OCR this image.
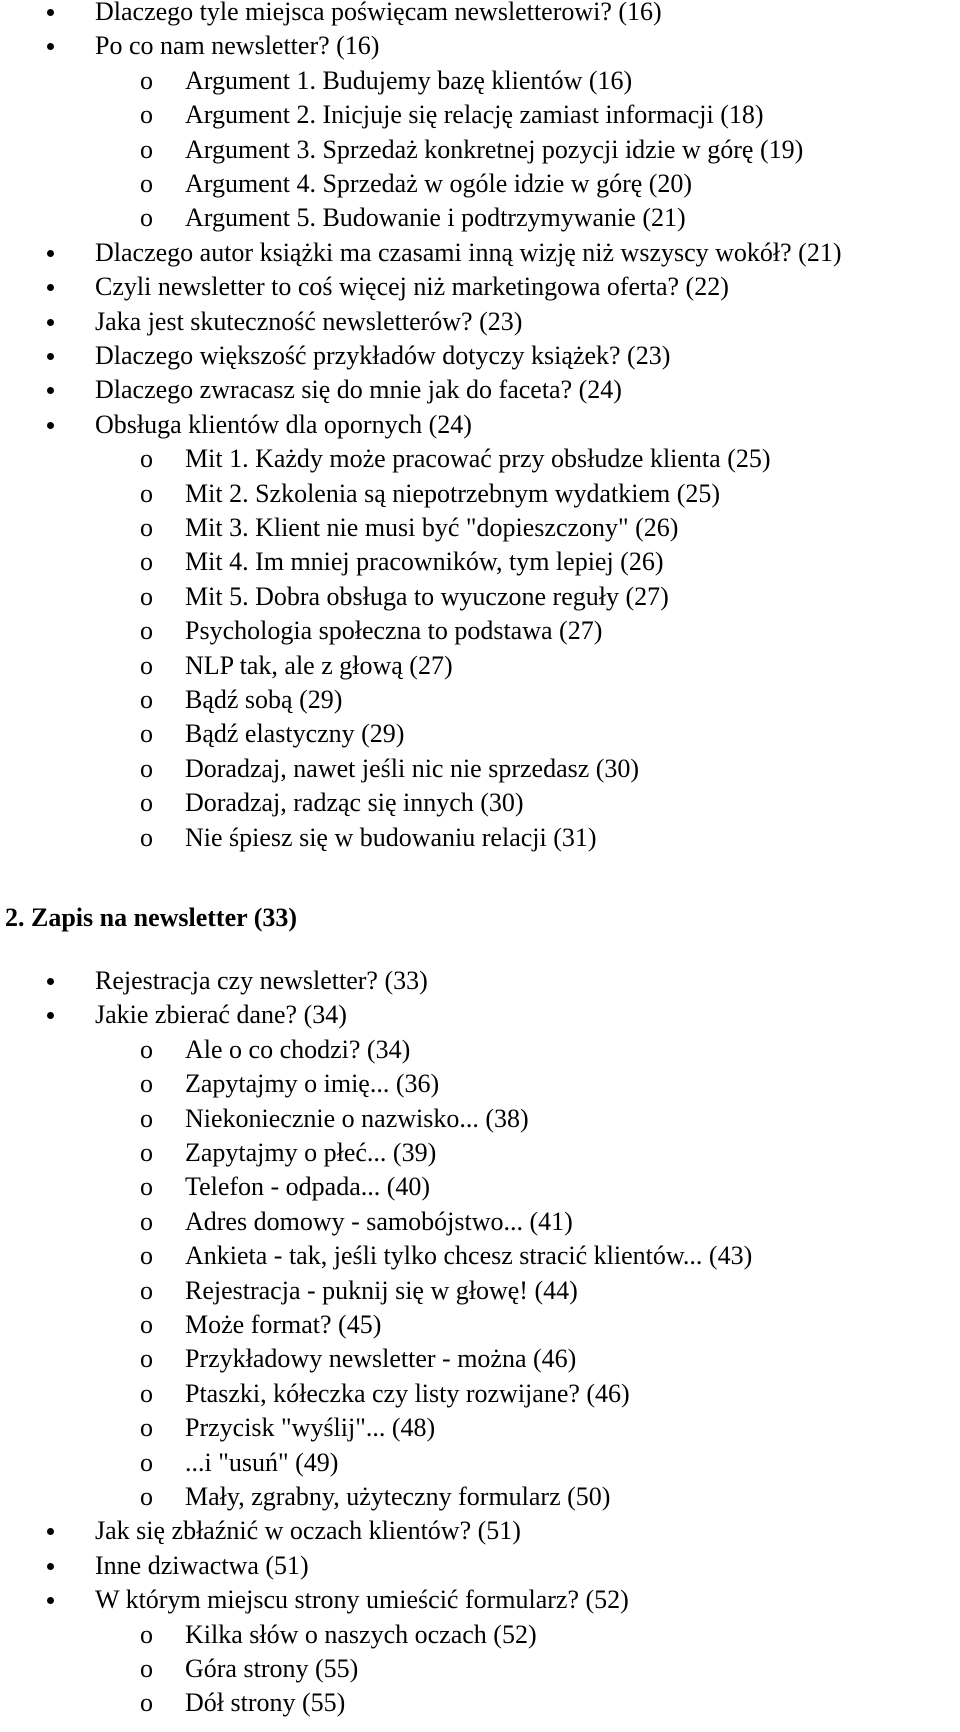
Dlaczego tyle miejsca poświęcam newsletterowi? (16)
Po co nam newsletter? (16)
o Argument 1. Budujemy bazę klientów (16)
o Argument 2. Inicjuje się relację zamiast informacji (18)
o Argument 3. Sprzedaż konkretnej pozycji idzie w górę (19)
o Argument 4. Sprzedaż w ogóle idzie w górę (20)
o Argument 5. Budowanie i podtrzymywanie (21)
Dlaczego autor książki ma czasami inną wizję niż wszyscy wokół? (21)
Czyli newsletter to coś więcej niż marketingowa oferta? (22)
Jaka jest skuteczność newsletterów? (23)
Dlaczego większość przykładów dotyczy książek? (23)
Dlaczego zwracasz się do mnie jak do faceta? (24)
Obsługa klientów dla opornych (24)
o Mit 1. Każdy może pracować przy obsłudze klienta (25)
o Mit 2. Szkolenia są niepotrzebnym wydatkiem (25)
o Mit 3. Klient nie musi być "dopieszczony" (26)
o Mit 4. Im mniej pracowników, tym lepiej (26)
o Mit 5. Dobra obsługa to wyuczone reguły (27)
o Psychologia społeczna to podstawa (27)
o NLP tak, ale z głową (27)
o Bądź sobą (29)
o Bądź elastyczny (29)
o Doradzaj, nawet jeśli nic nie sprzedasz (30)
o Doradzaj, radząc się innych (30)
o Nie śpiesz się w budowaniu relacji (31)
2. Zapis na newsletter (33)
Rejestracja czy newsletter? (33)
Jakie zbierać dane? (34)
o Ale o co chodzi? (34)
o Zapytajmy o imię... (36)
o Niekoniecznie o nazwisko... (38)
o Zapytajmy o płeć... (39)
o Telefon - odpada... (40)
o Adres domowy - samobójstwo... (41)
o Ankieta - tak, jeśli tylko chcesz stracić klientów... (43)
o Rejestracja - puknij się w głowę! (44)
o Może format? (45)
o Przykładowy newsletter - można (46)
o Ptaszki, kółeczka czy listy rozwijane? (46)
o Przycisk "wyślij"... (48)
o ...i "usuń" (49)
o Mały, zgrabny, użyteczny formularz (50)
Jak się zbłaźnić w oczach klientów? (51)
Inne dziwactwa (51)
W którym miejscu strony umieścić formularz? (52)
o Kilka słów o naszych oczach (52)
o Góra strony (55)
o Dół strony (55)
